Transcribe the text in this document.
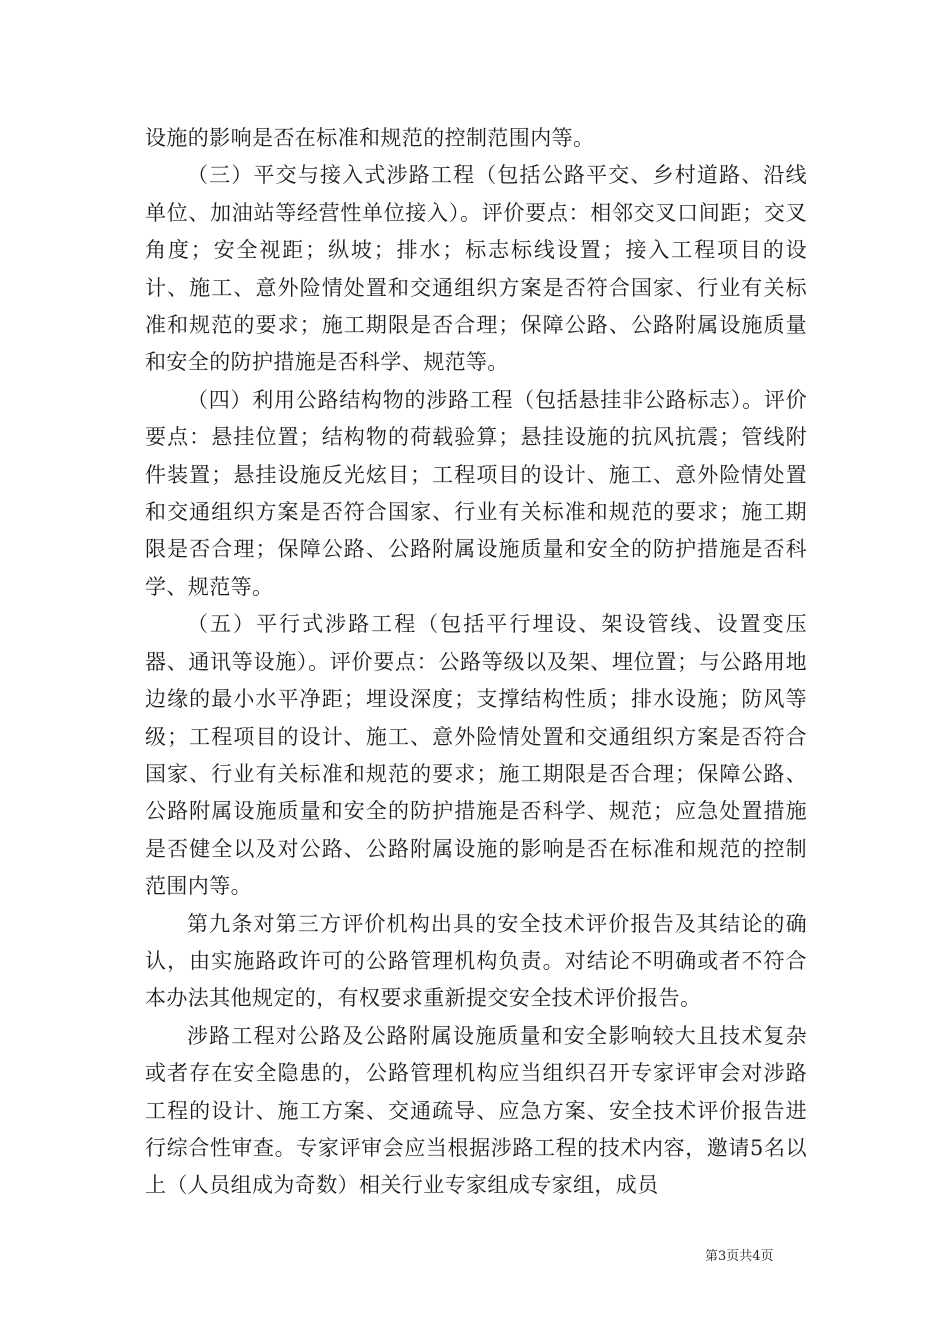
设施的影响是否在标准和规范的控制范围内等。

（三）平交与接入式涉路工程（包括公路平交、乡村道路、沿线单位、加油站等经营性单位接入）。评价要点：相邻交叉口间距；交叉角度；安全视距；纵坡；排水；标志标线设置；接入工程项目的设计、施工、意外险情处置和交通组织方案是否符合国家、行业有关标准和规范的要求；施工期限是否合理；保障公路、公路附属设施质量和安全的防护措施是否科学、规范等。

（四）利用公路结构物的涉路工程（包括悬挂非公路标志）。评价要点：悬挂位置；结构物的荷载验算；悬挂设施的抗风抗震；管线附件装置；悬挂设施反光炫目；工程项目的设计、施工、意外险情处置和交通组织方案是否符合国家、行业有关标准和规范的要求；施工期限是否合理；保障公路、公路附属设施质量和安全的防护措施是否科学、规范等。

（五）平行式涉路工程（包括平行埋设、架设管线、设置变压器、通讯等设施）。评价要点：公路等级以及架、埋位置；与公路用地边缘的最小水平净距；埋设深度；支撑结构性质；排水设施；防风等级；工程项目的设计、施工、意外险情处置和交通组织方案是否符合国家、行业有关标准和规范的要求；施工期限是否合理；保障公路、公路附属设施质量和安全的防护措施是否科学、规范；应急处置措施是否健全以及对公路、公路附属设施的影响是否在标准和规范的控制范围内等。

第九条对第三方评价机构出具的安全技术评价报告及其结论的确认，由实施路政许可的公路管理机构负责。对结论不明确或者不符合本办法其他规定的，有权要求重新提交安全技术评价报告。

涉路工程对公路及公路附属设施质量和安全影响较大且技术复杂或者存在安全隐患的，公路管理机构应当组织召开专家评审会对涉路工程的设计、施工方案、交通疏导、应急方案、安全技术评价报告进行综合性审查。专家评审会应当根据涉路工程的技术内容，邀请5名以上（人员组成为奇数）相关行业专家组成专家组，成员

第3页共4页
